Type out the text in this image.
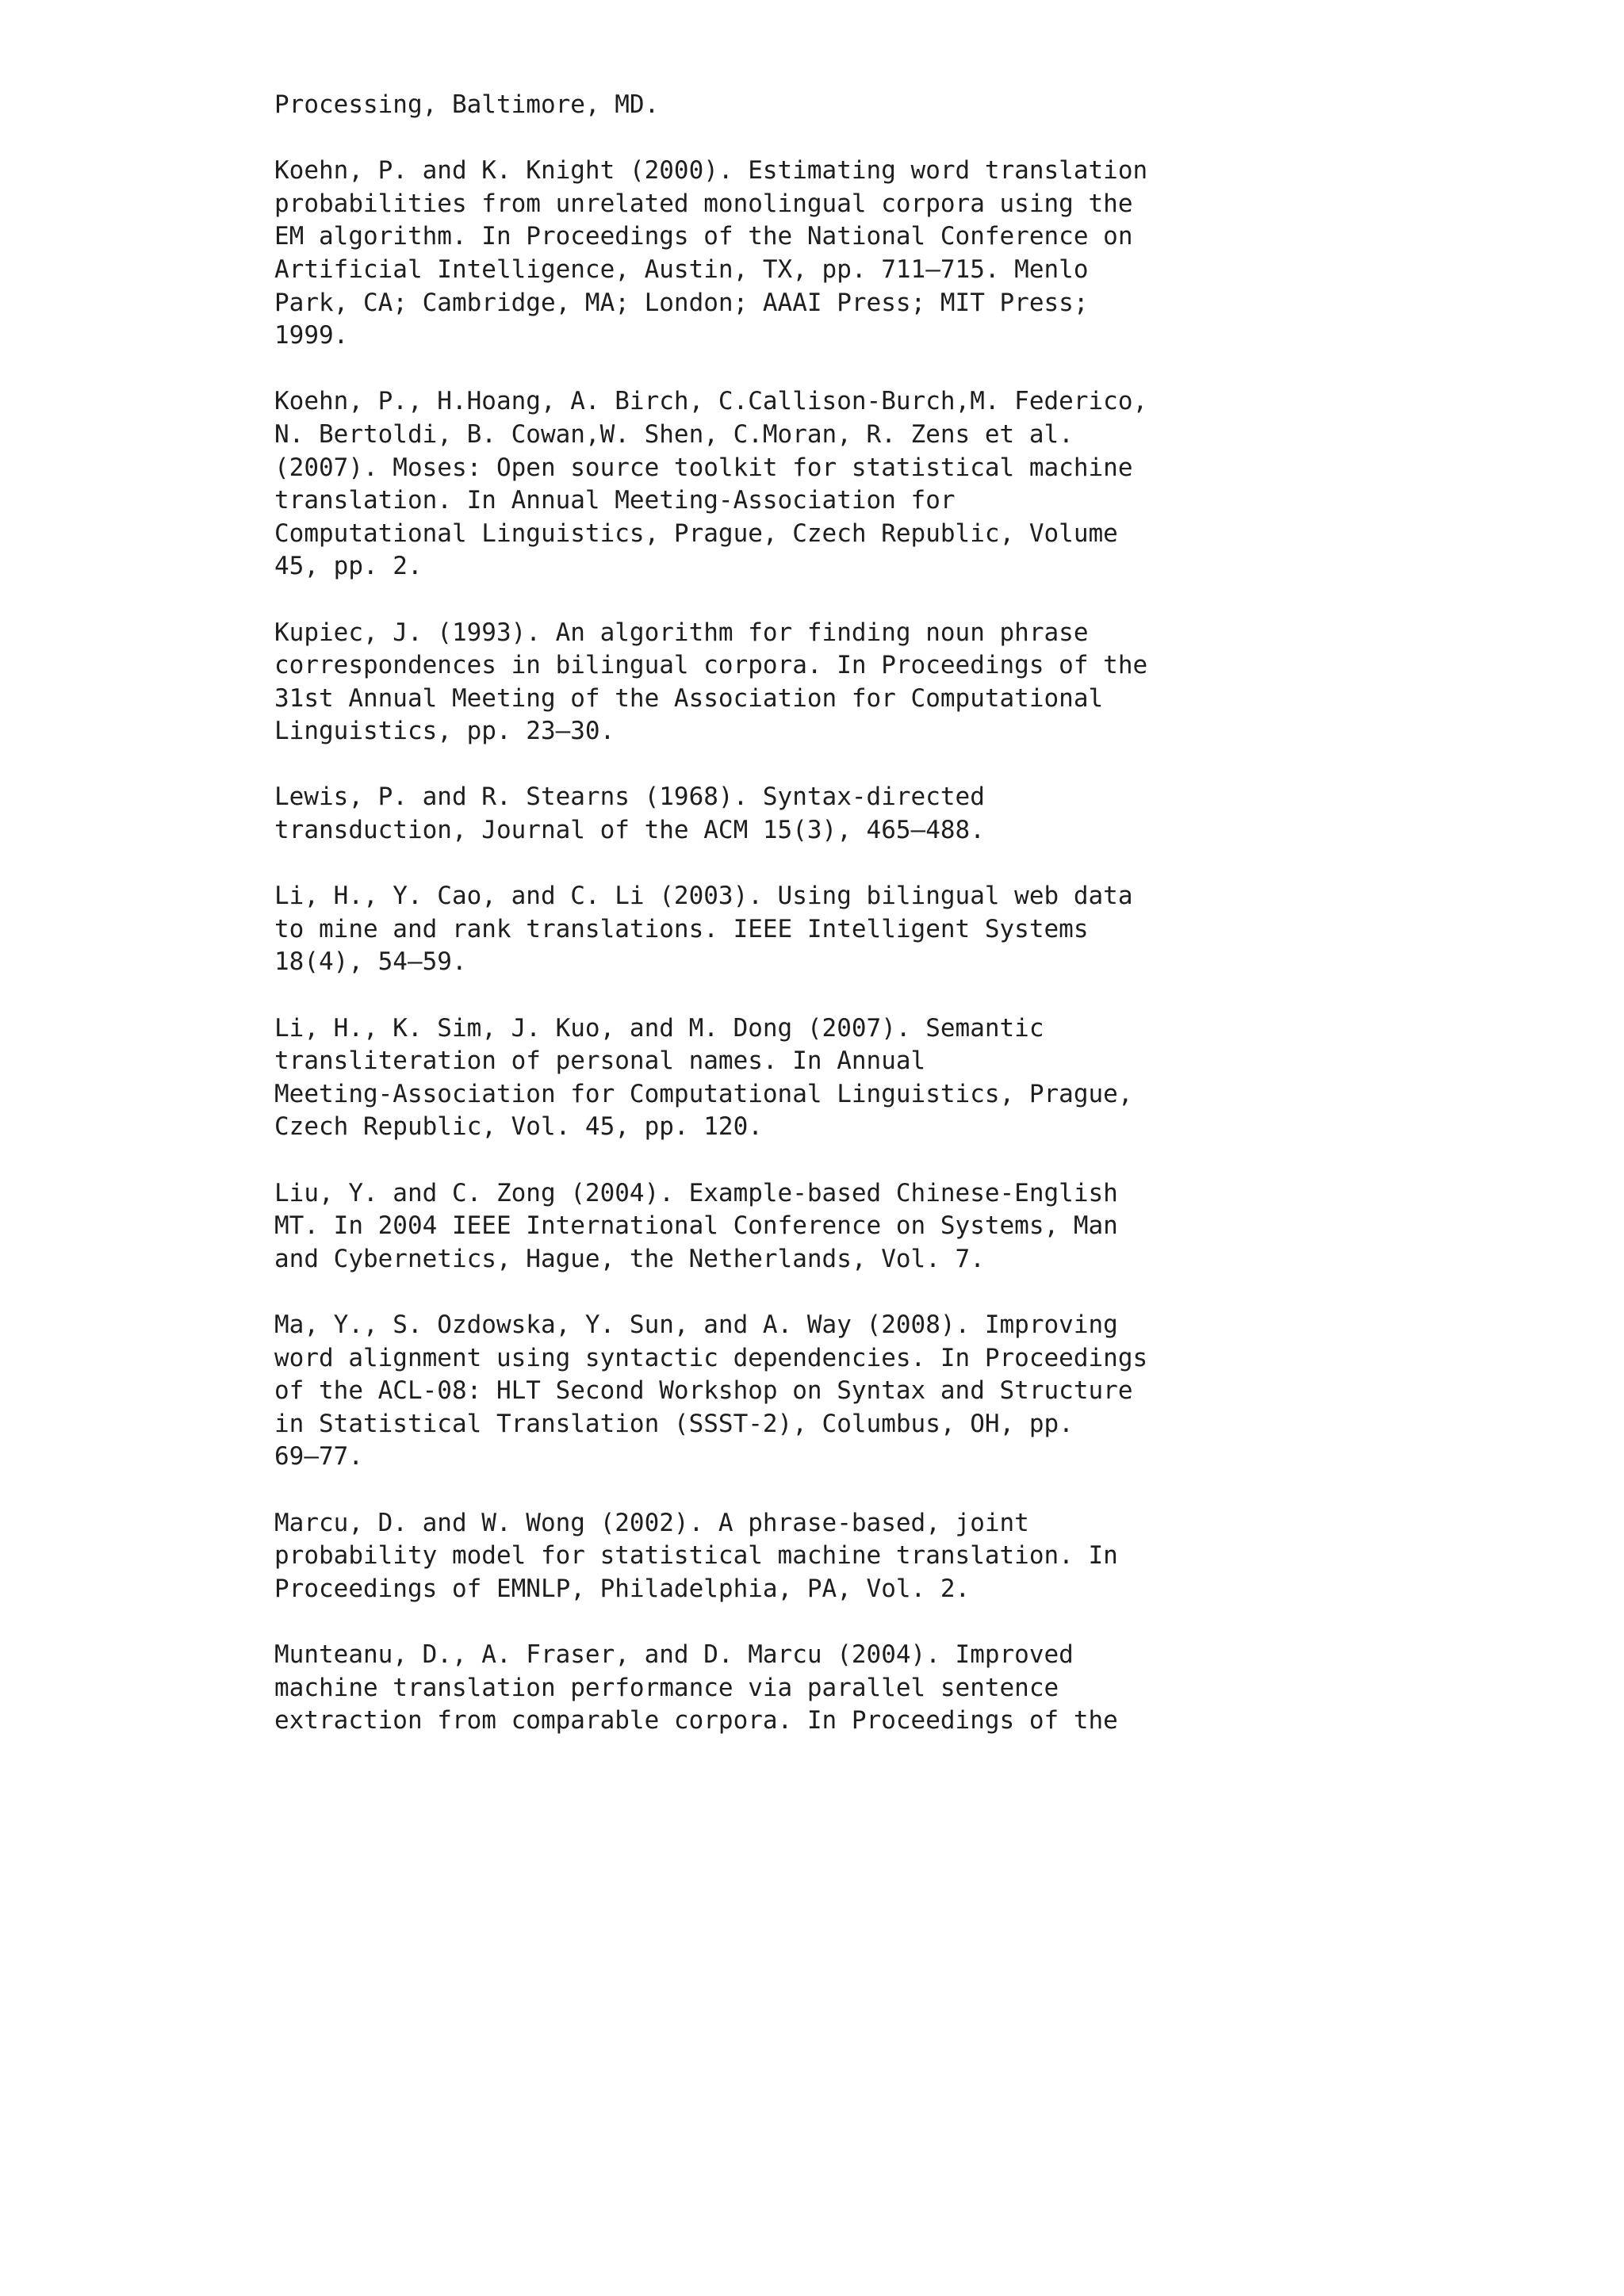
Processing, Baltimore, MD.
Koehn, P. and K. Knight (2000). Estimating word translation
probabilities from unrelated monolingual corpora using the
EM algorithm. In Proceedings of the National Conference on
Artificial Intelligence, Austin, TX, pp. 711–715. Menlo
Park, CA; Cambridge, MA; London; AAAI Press; MIT Press;
1999.
Koehn, P., H.Hoang, A. Birch, C.Callison-Burch,M. Federico,
N. Bertoldi, B. Cowan,W. Shen, C.Moran, R. Zens et al.
(2007). Moses: Open source toolkit for statistical machine
translation. In Annual Meeting-Association for
Computational Linguistics, Prague, Czech Republic, Volume
45, pp. 2.
Kupiec, J. (1993). An algorithm for finding noun phrase
correspondences in bilingual corpora. In Proceedings of the
31st Annual Meeting of the Association for Computational
Linguistics, pp. 23–30.
Lewis, P. and R. Stearns (1968). Syntax-directed
transduction, Journal of the ACM 15(3), 465–488.
Li, H., Y. Cao, and C. Li (2003). Using bilingual web data
to mine and rank translations. IEEE Intelligent Systems
18(4), 54–59.
Li, H., K. Sim, J. Kuo, and M. Dong (2007). Semantic
transliteration of personal names. In Annual
Meeting-Association for Computational Linguistics, Prague,
Czech Republic, Vol. 45, pp. 120.
Liu, Y. and C. Zong (2004). Example-based Chinese-English
MT. In 2004 IEEE International Conference on Systems, Man
and Cybernetics, Hague, the Netherlands, Vol. 7.
Ma, Y., S. Ozdowska, Y. Sun, and A. Way (2008). Improving
word alignment using syntactic dependencies. In Proceedings
of the ACL-08: HLT Second Workshop on Syntax and Structure
in Statistical Translation (SSST-2), Columbus, OH, pp.
69–77.
Marcu, D. and W. Wong (2002). A phrase-based, joint
probability model for statistical machine translation. In
Proceedings of EMNLP, Philadelphia, PA, Vol. 2.
Munteanu, D., A. Fraser, and D. Marcu (2004). Improved
machine translation performance via parallel sentence
extraction from comparable corpora. In Proceedings of the
